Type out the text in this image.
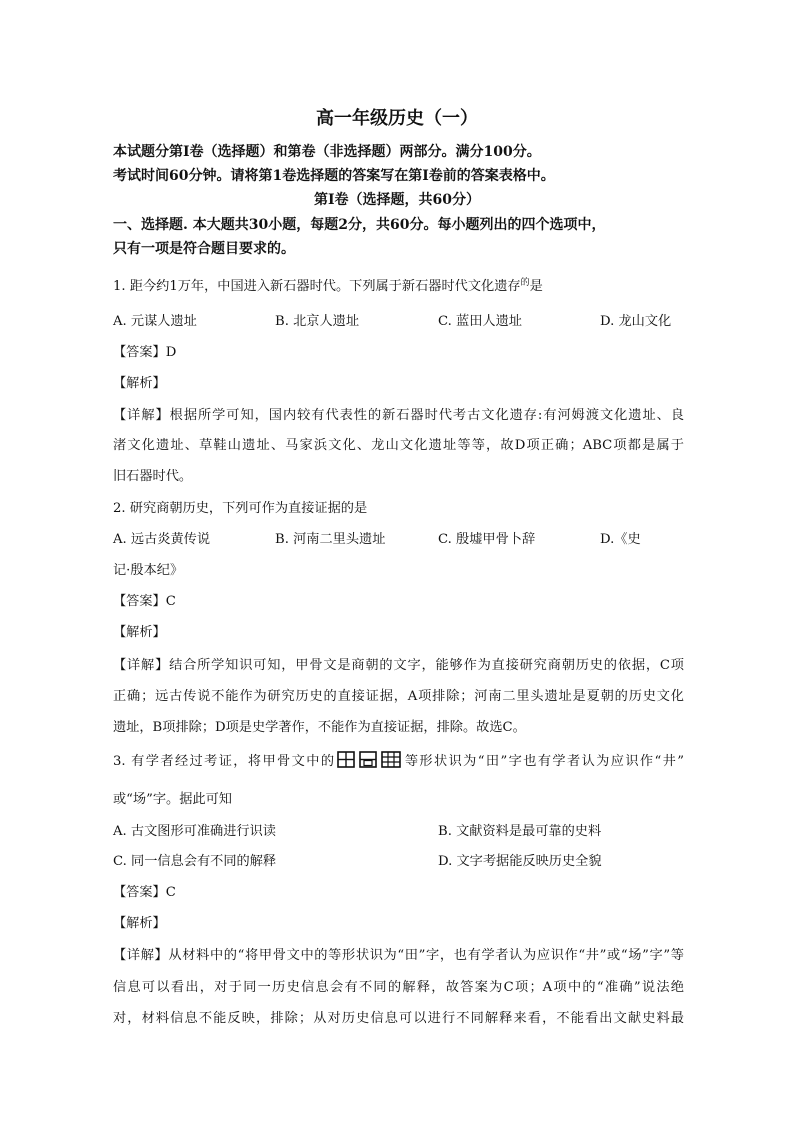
高一年级历史（一）
本试题分第I卷（选择题）和第卷（非选择题）两部分。满分100分。
考试时间60分钟。请将第1卷选择题的答案写在第I卷前的答案表格中。
第I卷（选择题，共60分）
一、选择题. 本大题共30小题，每题2分，共60分。每小题列出的四个选项中，
只有一项是符合题目要求的。
1. 距今约1万年，中国进入新石器时代。下列属于新石器时代文化遗存$^的$是
A. 元谋人遗址	B. 北京人遗址	C. 蓝田人遗址	D. 龙山文化
【答案】D
【解析】
【详解】根据所学可知，国内较有代表性的新石器时代考古文化遗存:有河姆渡文化遗址、良
渚文化遗址、草鞋山遗址、马家浜文化、龙山文化遗址等等，故D项正确；ABC项都是属于
旧石器时代。
2. 研究商朝历史，下列可作为直接证据的是
A. 远古炎黄传说	B. 河南二里头遗址	C. 殷墟甲骨卜辞	D.《史
记·殷本纪》
【答案】C
【解析】
【详解】结合所学知识可知，甲骨文是商朝的文字，能够作为直接研究商朝历史的依据，C项
正确；远古传说不能作为研究历史的直接证据，A项排除；河南二里头遗址是夏朝的历史文化
遗址，B项排除；D项是史学著作，不能作为直接证据，排除。故选C。
3. 有学者经过考证，将甲骨文中的	等形状识为“田”字也有学者认为应识作“井”
或“场”字。据此可知
A. 古文图形可准确进行识读	B. 文献资料是最可靠的史料
C. 同一信息会有不同的解释	D. 文字考据能反映历史全貌
【答案】C
【解析】
【详解】从材料中的“将甲骨文中的等形状识为“田”字，也有学者认为应识作“井”或“场”字”等
信息可以看出，对于同一历史信息会有不同的解释，故答案为C项；A项中的“准确”说法绝
对，材料信息不能反映，排除；从对历史信息可以进行不同解释来看，不能看出文献史料最
